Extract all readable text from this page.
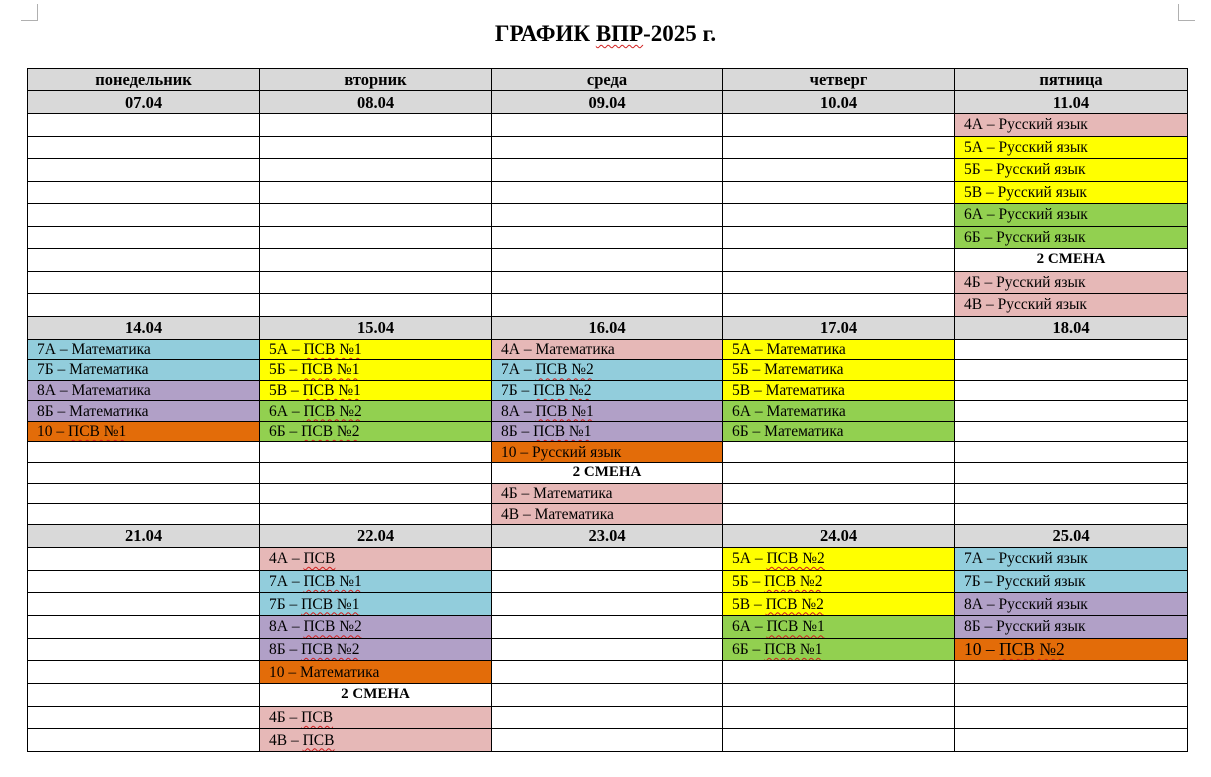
ГРАФИК ВПР-2025 г.
понедельник	вторник	среда	четверг	пятница
07.04	08.04	09.04	10.04	11.04
				4А – Русский язык
				5А – Русский язык
				5Б – Русский язык
				5В – Русский язык
				6А – Русский язык
				6Б – Русский язык
				2 СМЕНА
				4Б – Русский язык
				4В – Русский язык
14.04	15.04	16.04	17.04	18.04
7А – Математика	5А – ПСВ №1	4А – Математика	5А – Математика	
7Б – Математика	5Б – ПСВ №1	7А – ПСВ №2	5Б – Математика	
8А – Математика	5В – ПСВ №1	7Б – ПСВ №2	5В – Математика	
8Б – Математика	6А – ПСВ №2	8А – ПСВ №1	6А – Математика	
10 – ПСВ №1	6Б – ПСВ №2	8Б – ПСВ №1	6Б – Математика	
		10 – Русский язык		
		2 СМЕНА		
		4Б – Математика		
		4В – Математика		
21.04	22.04	23.04	24.04	25.04
	4А – ПСВ		5А – ПСВ №2	7А – Русский язык
	7А – ПСВ №1		5Б – ПСВ №2	7Б – Русский язык
	7Б – ПСВ №1		5В – ПСВ №2	8А – Русский язык
	8А – ПСВ №2		6А – ПСВ №1	8Б – Русский язык
	8Б – ПСВ №2		6Б – ПСВ №1	10 – ПСВ №2
	10 – Математика			
	2 СМЕНА			
	4Б – ПСВ			
	4В – ПСВ			
